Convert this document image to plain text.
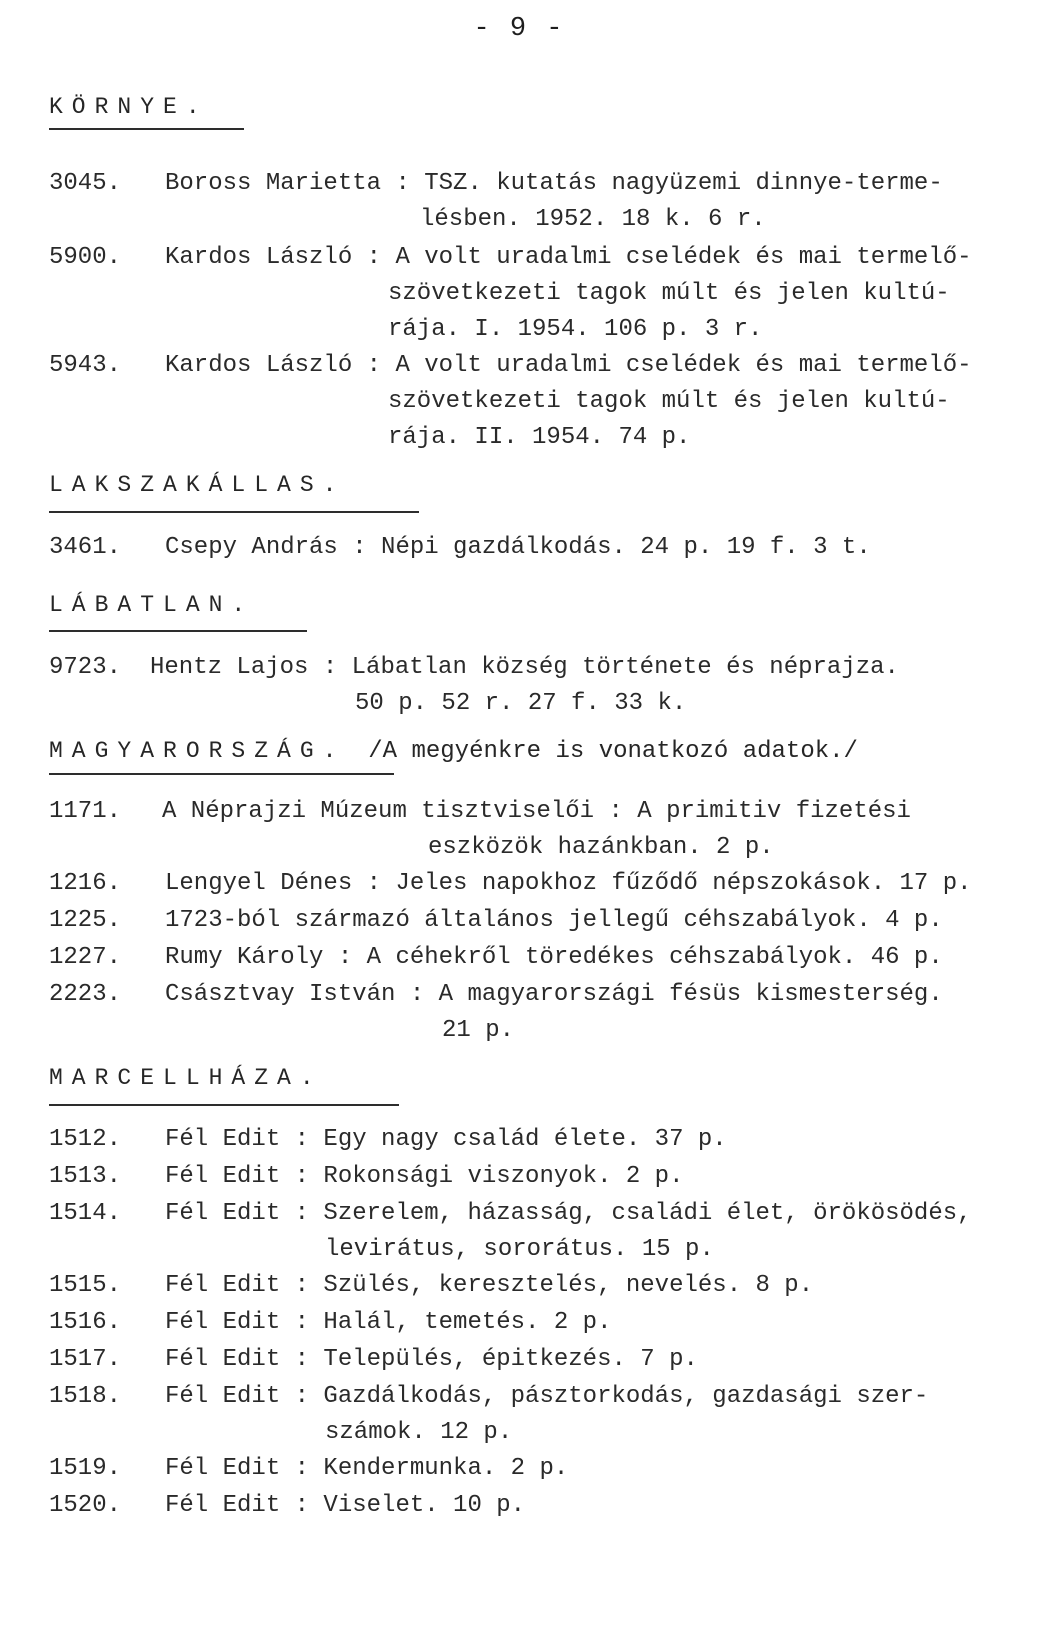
- 9 -
KÖRNYE.
3045. Boross Marietta : TSZ. kutatás nagyüzemi dinnye-terme-
lésben. 1952. 18 k. 6 r.
5900. Kardos László : A volt uradalmi cselédek és mai termelő-
szövetkezeti tagok múlt és jelen kultú-
rája. I. 1954. 106 p. 3 r.
5943. Kardos László : A volt uradalmi cselédek és mai termelő-
szövetkezeti tagok múlt és jelen kultú-
rája. II. 1954. 74 p.
LAKSZAKÁLLAS.
3461. Csepy András : Népi gazdálkodás. 24 p. 19 f. 3 t.
LÁBATLAN.
9723. Hentz Lajos : Lábatlan község története és néprajza.
50 p. 52 r. 27 f. 33 k.
MAGYARORSZÁG. /A megyénkre is vonatkozó adatok./
1171. A Néprajzi Múzeum tisztviselői : A primitiv fizetési
eszközök hazánkban. 2 p.
1216. Lengyel Dénes : Jeles napokhoz fűződő népszokások. 17 p.
1225. 1723-ból származó általános jellegű céhszabályok. 4 p.
1227. Rumy Károly : A céhekről töredékes céhszabályok. 46 p.
2223. Császtvay István : A magyarországi fésüs kismesterség.
21 p.
MARCELLHÁZA.
1512. Fél Edit : Egy nagy család élete. 37 p.
1513. Fél Edit : Rokonsági viszonyok. 2 p.
1514. Fél Edit : Szerelem, házasság, családi élet, örökösödés,
levirátus, sororátus. 15 p.
1515. Fél Edit : Szülés, keresztelés, nevelés. 8 p.
1516. Fél Edit : Halál, temetés. 2 p.
1517. Fél Edit : Település, épitkezés. 7 p.
1518. Fél Edit : Gazdálkodás, pásztorkodás, gazdasági szer-
számok. 12 p.
1519. Fél Edit : Kendermunka. 2 p.
1520. Fél Edit : Viselet. 10 p.
